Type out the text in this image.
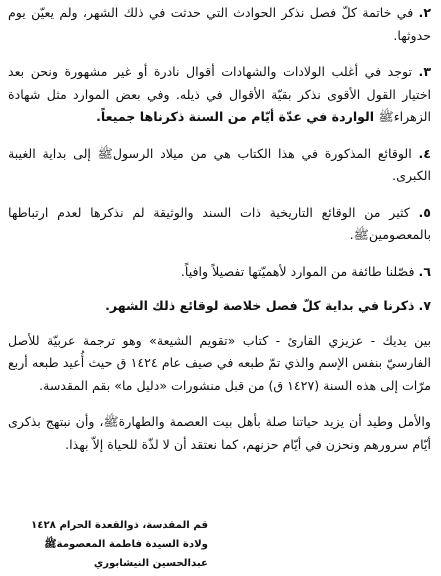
٢. في خاتمة كلّ فصل نذكر الحوادث التي حدثت في ذلك الشهر، ولم يعيّن يوم حدوثها.

٣. توجد في أغلب الولادات والشهادات أقوال نادرة أو غير مشهورة ونحن بعد اختيار القول الأقوى نذكر بقيّة الأقوال في ذيله. وفي بعض الموارد مثل شهادة الزهراءﷺ الواردة في عدّة أيّام من السنة ذكرناها جميعاً.

٤. الوقائع المذكورة في هذا الكتاب هي من ميلاد الرسولﷺ إلى بداية الغيبة الكبرى.

٥. كثير من الوقائع التاريخية ذات السند والوثيقة لم نذكرها لعدم ارتباطها بالمعصومينﷺ.

٦. فصّلنا طائفة من الموارد لأهميّتها تفصيلاً وافياً.

٧. ذكرنا في بداية كلّ فصل خلاصة لوقائع ذلك الشهر.

بين يديك - عزيزي القارئ - كتاب «تقويم الشيعة» وهو ترجمة عربيّة للأصل الفارسيّ بنفس الإسم والذي تمّ طبعه في صيف عام ١٤٢٤ ق حيث أُعيد طبعه أربع مرّات إلى هذه السنة (١٤٢٧ ق) من قبل منشورات «دليل ما» بقم المقدسة.

والأمل وطيد أن يزيد حياتنا صلة بأهل بيت العصمة والطهارةﷺ، وأن نبتهج بذكرى أيّام سرورهم ونحزن في أيّام حزنهم، كما نعتقد أن لا لذّة للحياة إلاّ بهذا.

قم المقدسة، ذوالقعدة الحرام ١٤٢٨
ولادة السيدة فاطمة المعصومةﷺ
عبدالحسين النيشابوري
